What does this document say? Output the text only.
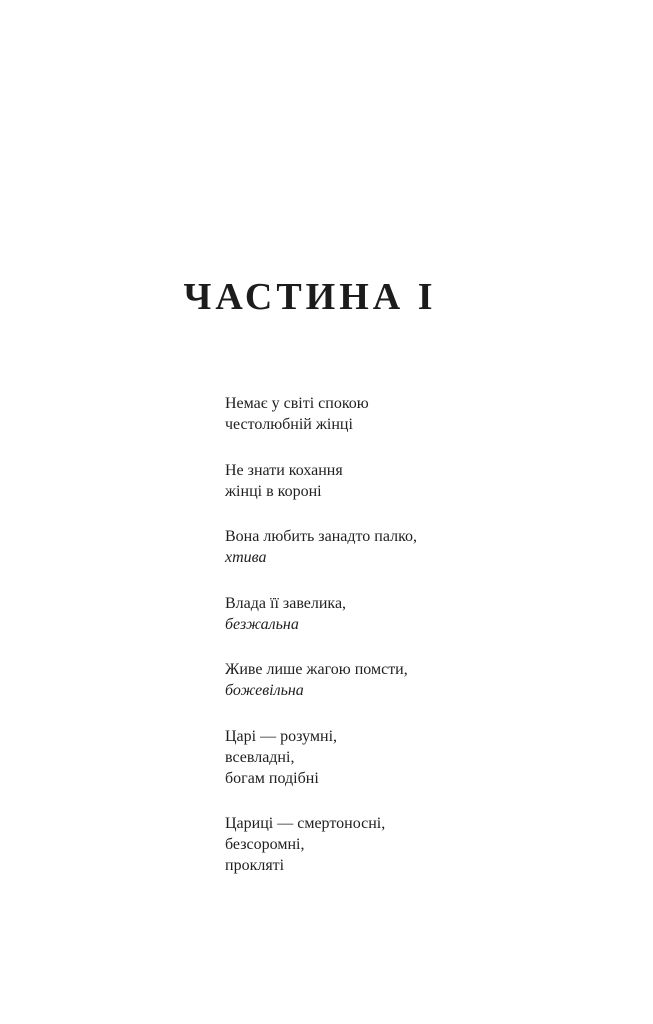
ЧАСТИНА І
Немає у світі спокою
честолюбній жінці
Не знати кохання
жінці в короні
Вона любить занадто палко,
хтива
Влада її завелика,
безжальна
Живе лише жагою помсти,
божевільна
Царі — розумні,
всевладні,
богам подібні
Цариці — смертоносні,
безсоромні,
прокляті
